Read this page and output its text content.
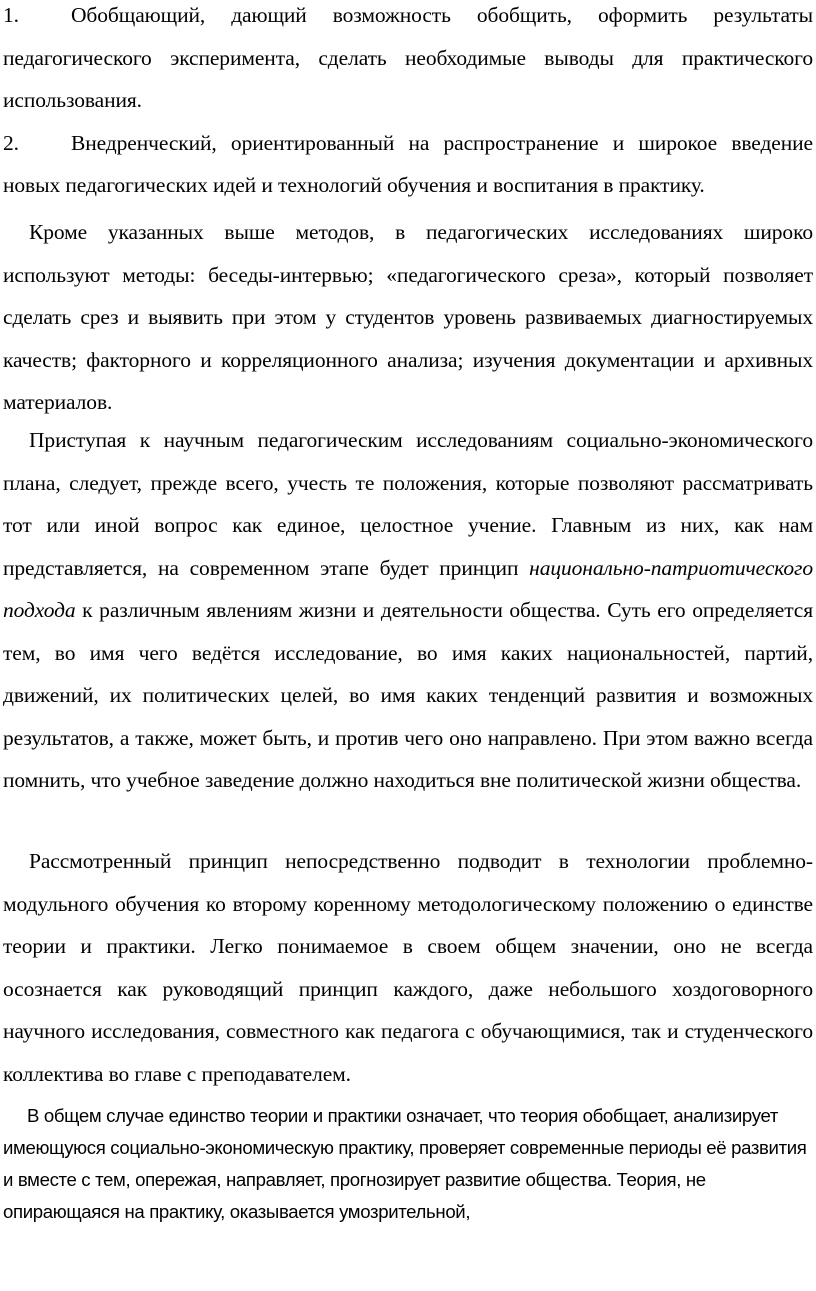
1. Обобщающий, дающий возможность обобщить, оформить результаты педагогического эксперимента, сделать необходимые выводы для практического использования.

2. Внедренческий, ориентированный на распространение и широкое введение новых педагогических идей и технологий обучения и воспитания в практику.

Кроме указанных выше методов, в педагогических исследованиях широко используют методы: беседы-интервью; «педагогического среза», который позволяет сделать срез и выявить при этом у студентов уровень развиваемых диагностируемых качеств; факторного и корреляционного анализа; изучения документации и архивных материалов.

Приступая к научным педагогическим исследованиям социально-экономического плана, следует, прежде всего, учесть те положения, которые позволяют рассматривать тот или иной вопрос как единое, целостное учение. Главным из них, как нам представляется, на современном этапе будет принцип национально-патриотического подхода к различным явлениям жизни и деятельности общества. Суть его определяется тем, во имя чего ведётся исследование, во имя каких национальностей, партий, движений, их политических целей, во имя каких тенденций развития и возможных результатов, а также, может быть, и против чего оно направлено. При этом важно всегда помнить, что учебное заведение должно находиться вне политической жизни общества.

Рассмотренный принцип непосредственно подводит в технологии проблемно-модульного обучения ко второму коренному методологическому положению о единстве теории и практики. Легко понимаемое в своем общем значении, оно не всегда осознается как руководящий принцип каждого, даже небольшого хоздоговорного научного исследования, совместного как педагога с обучающимися, так и студенческого коллектива во главе с преподавателем.

В общем случае единство теории и практики означает, что теория обобщает, анализирует имеющуюся социально-экономическую практику, проверяет современные периоды её развития и вместе с тем, опережая, направляет, прогнозирует развитие общества. Теория, не опирающаяся на практику, оказывается умозрительной,
